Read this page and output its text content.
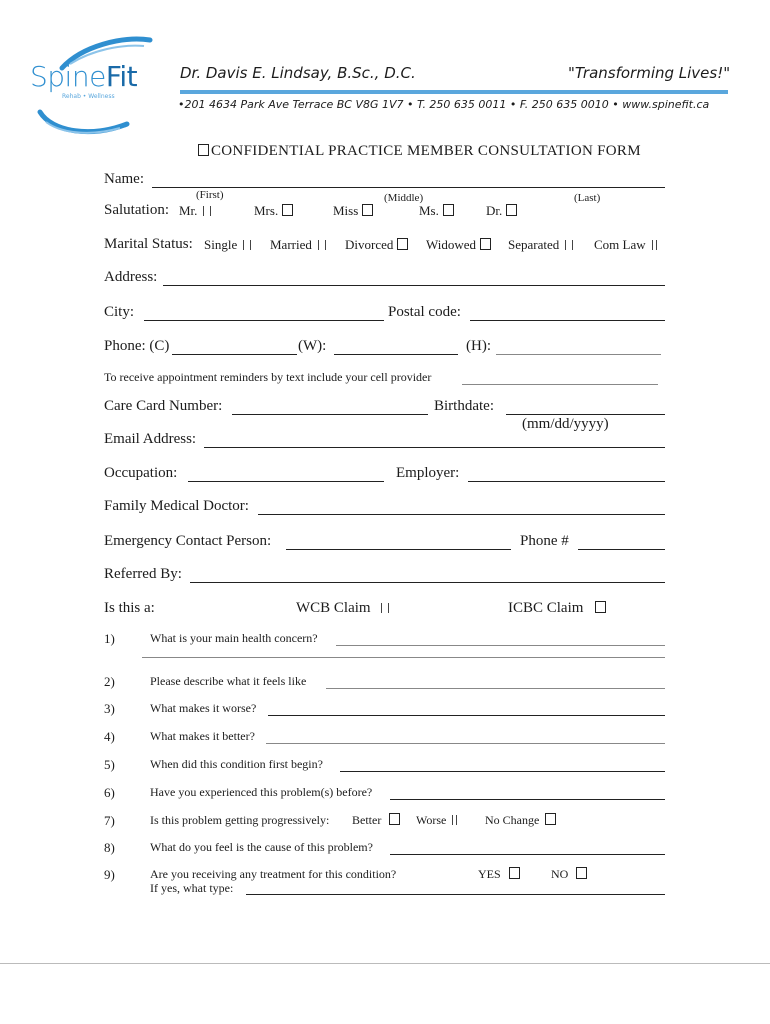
SpineFit
Rehab • Wellness
Dr. Davis E. Lindsay, B.Sc., D.C.	"Transforming Lives!"
•201 4634 Park Ave Terrace BC V8G 1V7 • T. 250 635 0011 • F. 250 635 0010 • www.spinefit.ca
CONFIDENTIAL PRACTICE MEMBER CONSULTATION FORM
Name:
(First)	(Middle)	(Last)
Salutation: Mr.	Mrs.	Miss	Ms.	Dr.
Marital Status: Single	Married	Divorced	Widowed	Separated	Com Law
Address:
City:	Postal code:
Phone: (C)	(W):	(H):
To receive appointment reminders by text include your cell provider
Care Card Number:	Birthdate:
(mm/dd/yyyy)
Email Address:
Occupation:	Employer:
Family Medical Doctor:
Emergency Contact Person:	Phone #
Referred By:
Is this a:	WCB Claim	ICBC Claim
1)	What is your main health concern?
2)	Please describe what it feels like
3)	What makes it worse?
4)	What makes it better?
5)	When did this condition first begin?
6)	Have you experienced this problem(s) before?
7)	Is this problem getting progressively: Better	Worse	No Change
8)	What do you feel is the cause of this problem?
9)	Are you receiving any treatment for this condition?	YES	NO
If yes, what type:
